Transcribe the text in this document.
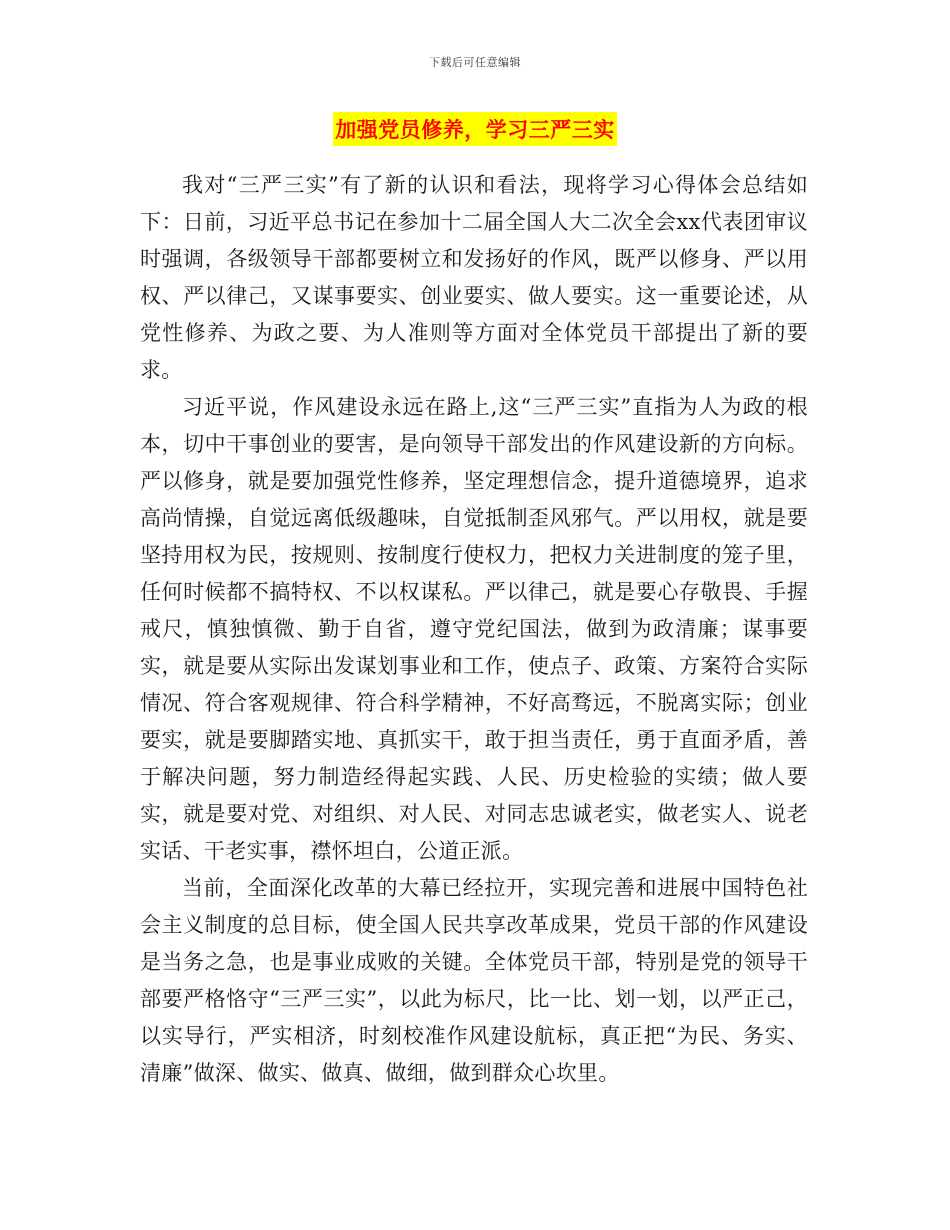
下载后可任意编辑
加强党员修养，学习三严三实

我对“三严三实”有了新的认识和看法，现将学习心得体会总结如下：日前，习近平总书记在参加十二届全国人大二次全会xx代表团审议时强调，各级领导干部都要树立和发扬好的作风，既严以修身、严以用权、严以律己，又谋事要实、创业要实、做人要实。这一重要论述，从党性修养、为政之要、为人准则等方面对全体党员干部提出了新的要求。

习近平说，作风建设永远在路上,这“三严三实”直指为人为政的根本，切中干事创业的要害，是向领导干部发出的作风建设新的方向标。严以修身，就是要加强党性修养，坚定理想信念，提升道德境界，追求高尚情操，自觉远离低级趣味，自觉抵制歪风邪气。严以用权，就是要坚持用权为民，按规则、按制度行使权力，把权力关进制度的笼子里，任何时候都不搞特权、不以权谋私。严以律己，就是要心存敬畏、手握戒尺，慎独慎微、勤于自省，遵守党纪国法，做到为政清廉；谋事要实，就是要从实际出发谋划事业和工作，使点子、政策、方案符合实际情况、符合客观规律、符合科学精神，不好高骛远，不脱离实际；创业要实，就是要脚踏实地、真抓实干，敢于担当责任，勇于直面矛盾，善于解决问题，努力制造经得起实践、人民、历史检验的实绩；做人要实，就是要对党、对组织、对人民、对同志忠诚老实，做老实人、说老实话、干老实事，襟怀坦白，公道正派。

当前，全面深化改革的大幕已经拉开，实现完善和进展中国特色社会主义制度的总目标，使全国人民共享改革成果，党员干部的作风建设是当务之急，也是事业成败的关键。全体党员干部，特别是党的领导干部要严格恪守“三严三实”，以此为标尺，比一比、划一划，以严正己，以实导行，严实相济，时刻校准作风建设航标，真正把“为民、务实、清廉”做深、做实、做真、做细，做到群众心坎里。
